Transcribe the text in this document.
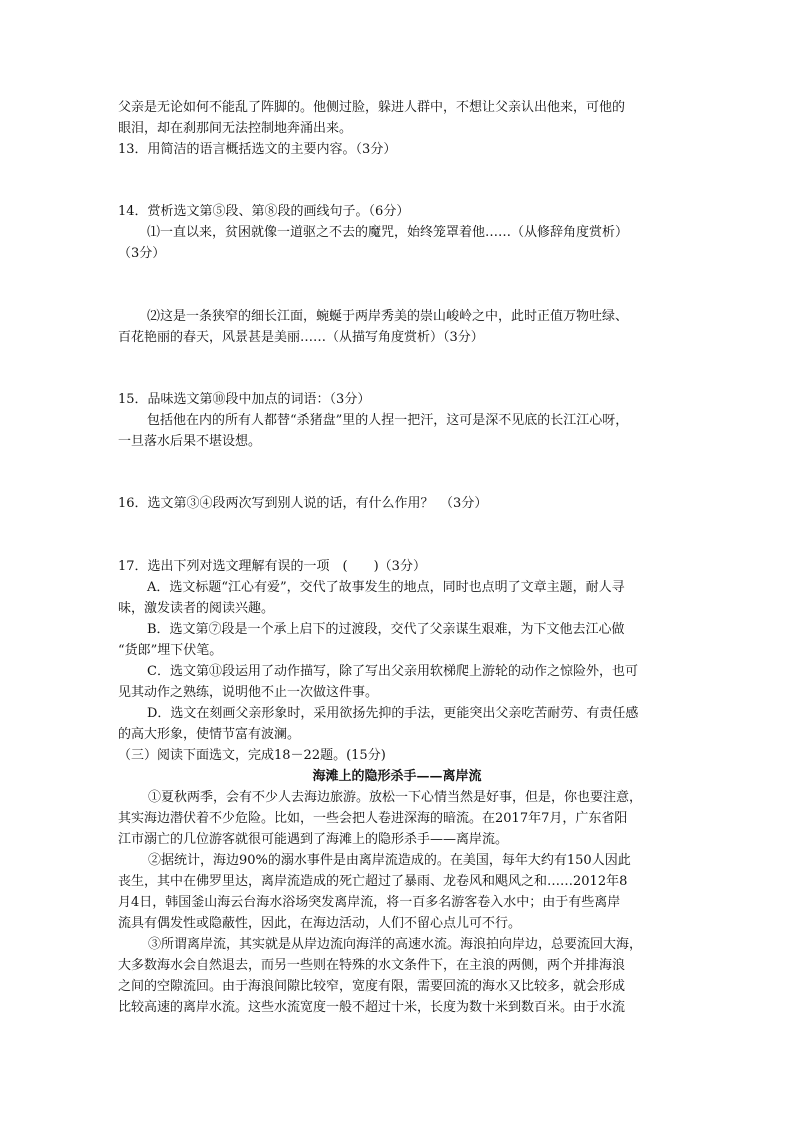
父亲是无论如何不能乱了阵脚的。他侧过脸，躲进人群中，不想让父亲认出他来，可他的

眼泪，却在刹那间无法控制地奔涌出来。

13．用简洁的语言概括选文的主要内容。（3分）

14．赏析选文第⑤段、第⑧段的画线句子。（6分）

⑴一直以来，贫困就像一道驱之不去的魔咒，始终笼罩着他……（从修辞角度赏析）

（3分）

⑵这是一条狭窄的细长江面，蜿蜒于两岸秀美的崇山峻岭之中，此时正值万物吐绿、

百花艳丽的春天，风景甚是美丽……（从描写角度赏析）（3分）

15．品味选文第⑩段中加点的词语：（3分）

包括他在内的所有人都替“杀猪盘”里的人捏一把汗，这可是深不见底的长江江心呀，

一旦落水后果不堪设想。

16．选文第③④段两次写到别人说的话，有什么作用？　（3分）

17．选出下列对选文理解有误的一项　(　　)（3分）

A．选文标题“江心有爱”，交代了故事发生的地点，同时也点明了文章主题，耐人寻

味，激发读者的阅读兴趣。

B．选文第⑦段是一个承上启下的过渡段，交代了父亲谋生艰难，为下文他去江心做

“货郎”埋下伏笔。

C．选文第⑪段运用了动作描写，除了写出父亲用软梯爬上游轮的动作之惊险外，也可

见其动作之熟练，说明他不止一次做这件事。

D．选文在刻画父亲形象时，采用欲扬先抑的手法，更能突出父亲吃苦耐劳、有责任感

的高大形象，使情节富有波澜。

（三）阅读下面选文，完成18－22题。(15分)

海滩上的隐形杀手——离岸流

①夏秋两季，会有不少人去海边旅游。放松一下心情当然是好事，但是，你也要注意，

其实海边潜伏着不少危险。比如，一些会把人卷进深海的暗流。在2017年7月，广东省阳

江市溺亡的几位游客就很可能遇到了海滩上的隐形杀手——离岸流。

②据统计，海边90%的溺水事件是由离岸流造成的。在美国，每年大约有150人因此

丧生，其中在佛罗里达，离岸流造成的死亡超过了暴雨、龙卷风和飓风之和……2012年8

月4日，韩国釜山海云台海水浴场突发离岸流，将一百多名游客卷入水中；由于有些离岸

流具有偶发性或隐蔽性，因此，在海边活动，人们不留心点儿可不行。

③所谓离岸流，其实就是从岸边流向海洋的高速水流。海浪拍向岸边，总要流回大海，

大多数海水会自然退去，而另一些则在特殊的水文条件下，在主浪的两侧，两个并排海浪

之间的空隙流回。由于海浪间隙比较窄，宽度有限，需要回流的海水又比较多，就会形成

比较高速的离岸水流。这些水流宽度一般不超过十米，长度为数十米到数百米。由于水流
